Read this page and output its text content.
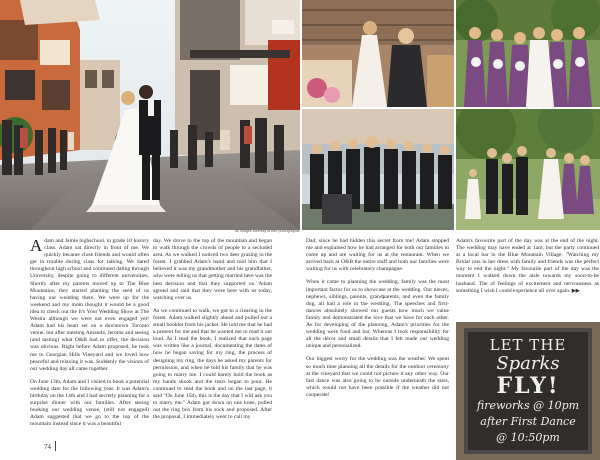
LET THE
Sparks
FLY!
fireworks @ 10pm
after First Dance
@ 10:50pm
All images courtesy of Bee photographie

Adam and Jamie highschool, in grade 10 history class. Adam sat directly in front of me. We quickly became close friends and would often get in trouble during class for talking. We dated throughout high school and continued dating through University, despite going to different universities. Shortly after my parents moved up to The Blue Mountains, they started planting the seed of us having our wedding there. We were up for the weekend and my mom thought it would be a good idea to check out the It's Your Wedding Show at The Westin although we were not even engaged yet! Adam had his heart set on a downtown Toronto venue, but after meeting Amanda, Jerome and seeing (and tasting) what O&B had to offer, the decision was obvious. Right before Adam proposed, he took me to Georgian Hills Vineyard and we loved how peaceful and relaxing it was. Suddenly the visions of our wedding day all came together.

On June 13th, Adam and I visited to book a potential wedding date for the following year. It was Adam's birthday on the 14th and I had secretly planning for a surprise dinner with our families. After seeing booking our wedding venue, (still not engaged) Adam suggested that we go to the top of the mountain instead since it was a beautiful

day. We drove to the top of the mountain and began to walk through the crowds of people to a secluded area. As we walked I noticed two deer grazing in the forest. I grabbed Adam's hand and told him that I believed it was my grandmother and his grandfather, who were telling us that getting married here was the best decision and that they supported us. Adam agreed and said that they were here with us today, watching over us.

As we continued to walk, we got to a clearing in the forest. Adam walked slightly ahead and pulled out a small booklet from his jacket. He told me that he had a present for me and that he wanted me to read it out loud. As I read the book, I realized that each page was written like a journal, documenting the dates of how he began saving for my ring, the process of designing my ring, the days he asked my parents for permission, and when he told his family that he was going to marry me. I could barely hold the book as my hands shook and the tears began to pour. He continued to read the book and on the last page, it said "On June 15th, this is the day that I will ask you to marry me." Adam got down on one knee, pulled out the ring box from his sock and proposed. After the proposal, I immediately went to call my

Dad, since he had hidden this secret from me! Adam stopped me and explained how he had arranged for both our families to come up and are waiting for us at the restaurant. When we arrived back at O&B the entire staff and both our families were waiting for us with celebratory champagne.

When it came to planning the wedding, family was the most important factor for us to showcase at the wedding. Our nieces, nephews, siblings, parents, grandparents, and even the family dog, all had a role in the wedding. The speeches and first-dances absolutely showed our guests how much we value family and demonstrated the love that we have for each other. As for developing of the planning, Adam's priorities for the wedding were food and bar. Whereas I took responsibility for all the décor and small details that I felt made our wedding unique and personalized.

Our biggest worry for the wedding was the weather. We spent so much time planning all the details for the outdoor ceremony at the vineyard that we could not picture it any other way. Our fast dance was also going to be outside underneath the stars, which would not have been possible if the weather did not cooperate!

Adam's favourite part of the day was at the end of the night. The wedding may have ended at 1am, but the party continued at a local bar in the Blue Mountain Village. "Watching my Bridal cars in her dress with family and friends was the perfect way to end the night." My favourite part of the day was the moment I walked down the aisle towards my soon-to-be husband. The of feelings of excitement and nervousness as something I wish I could experience all over again. ▶▶

74
